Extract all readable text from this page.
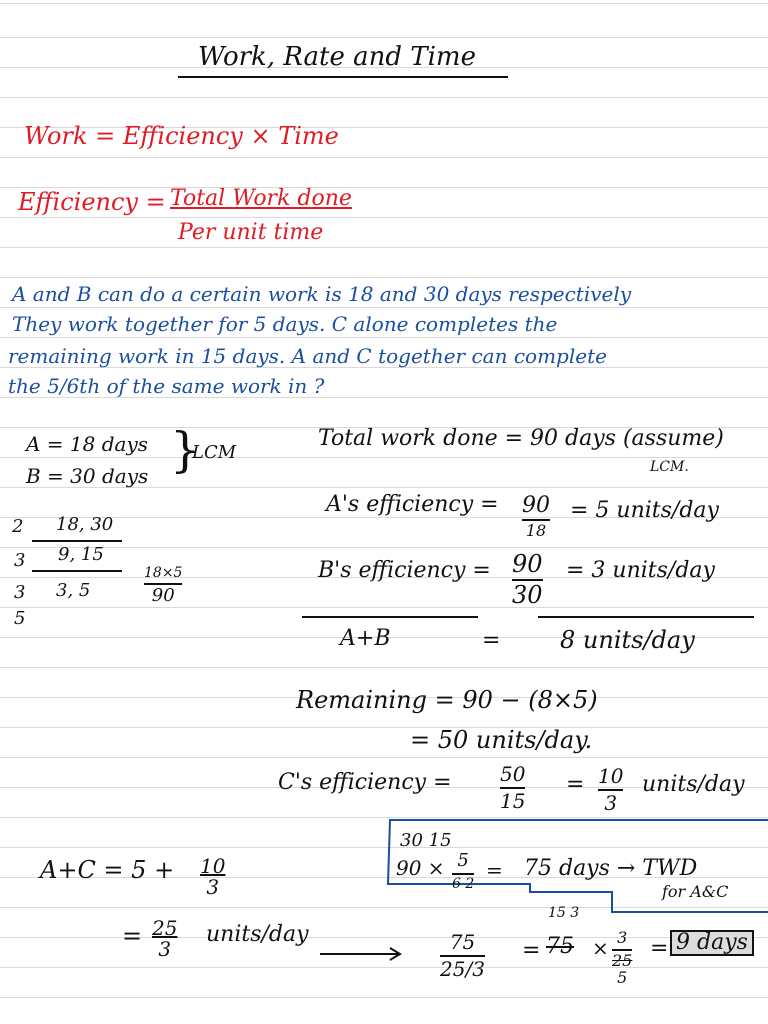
Work, Rate and Time
Work = Efficiency × Time
Efficiency = Total Work done
Per unit time
A and B can do a certain work is 18 and 30 days respectively
They work together for 5 days. C alone completes the
remaining work in 15 days. A and C together can complete
the 5/6th of the same work in ?
A = 18 days
B = 30 days }
LCM
2
3
3
5
18, 30
9, 15
3, 5
18×5
90
Total work done = 90 days (assume)
LCM.
A's efficiency = 90
18
= 5 units/day
B's efficiency = 90
30
= 3 units/day
A+B	= 8 units/day
Remaining = 90 − (8×5)
= 50 units/day.
C's efficiency = 50
15
= 10
3
units/day
30 15
90 × 5
6 2
= 75 days → TWD
for A&C
$A+C = 5 + \frac{10}{3}$
= $\frac{25}{3}$ units/day	75
25/3
=
15 3
75 × 3
25
5
= 9 days
